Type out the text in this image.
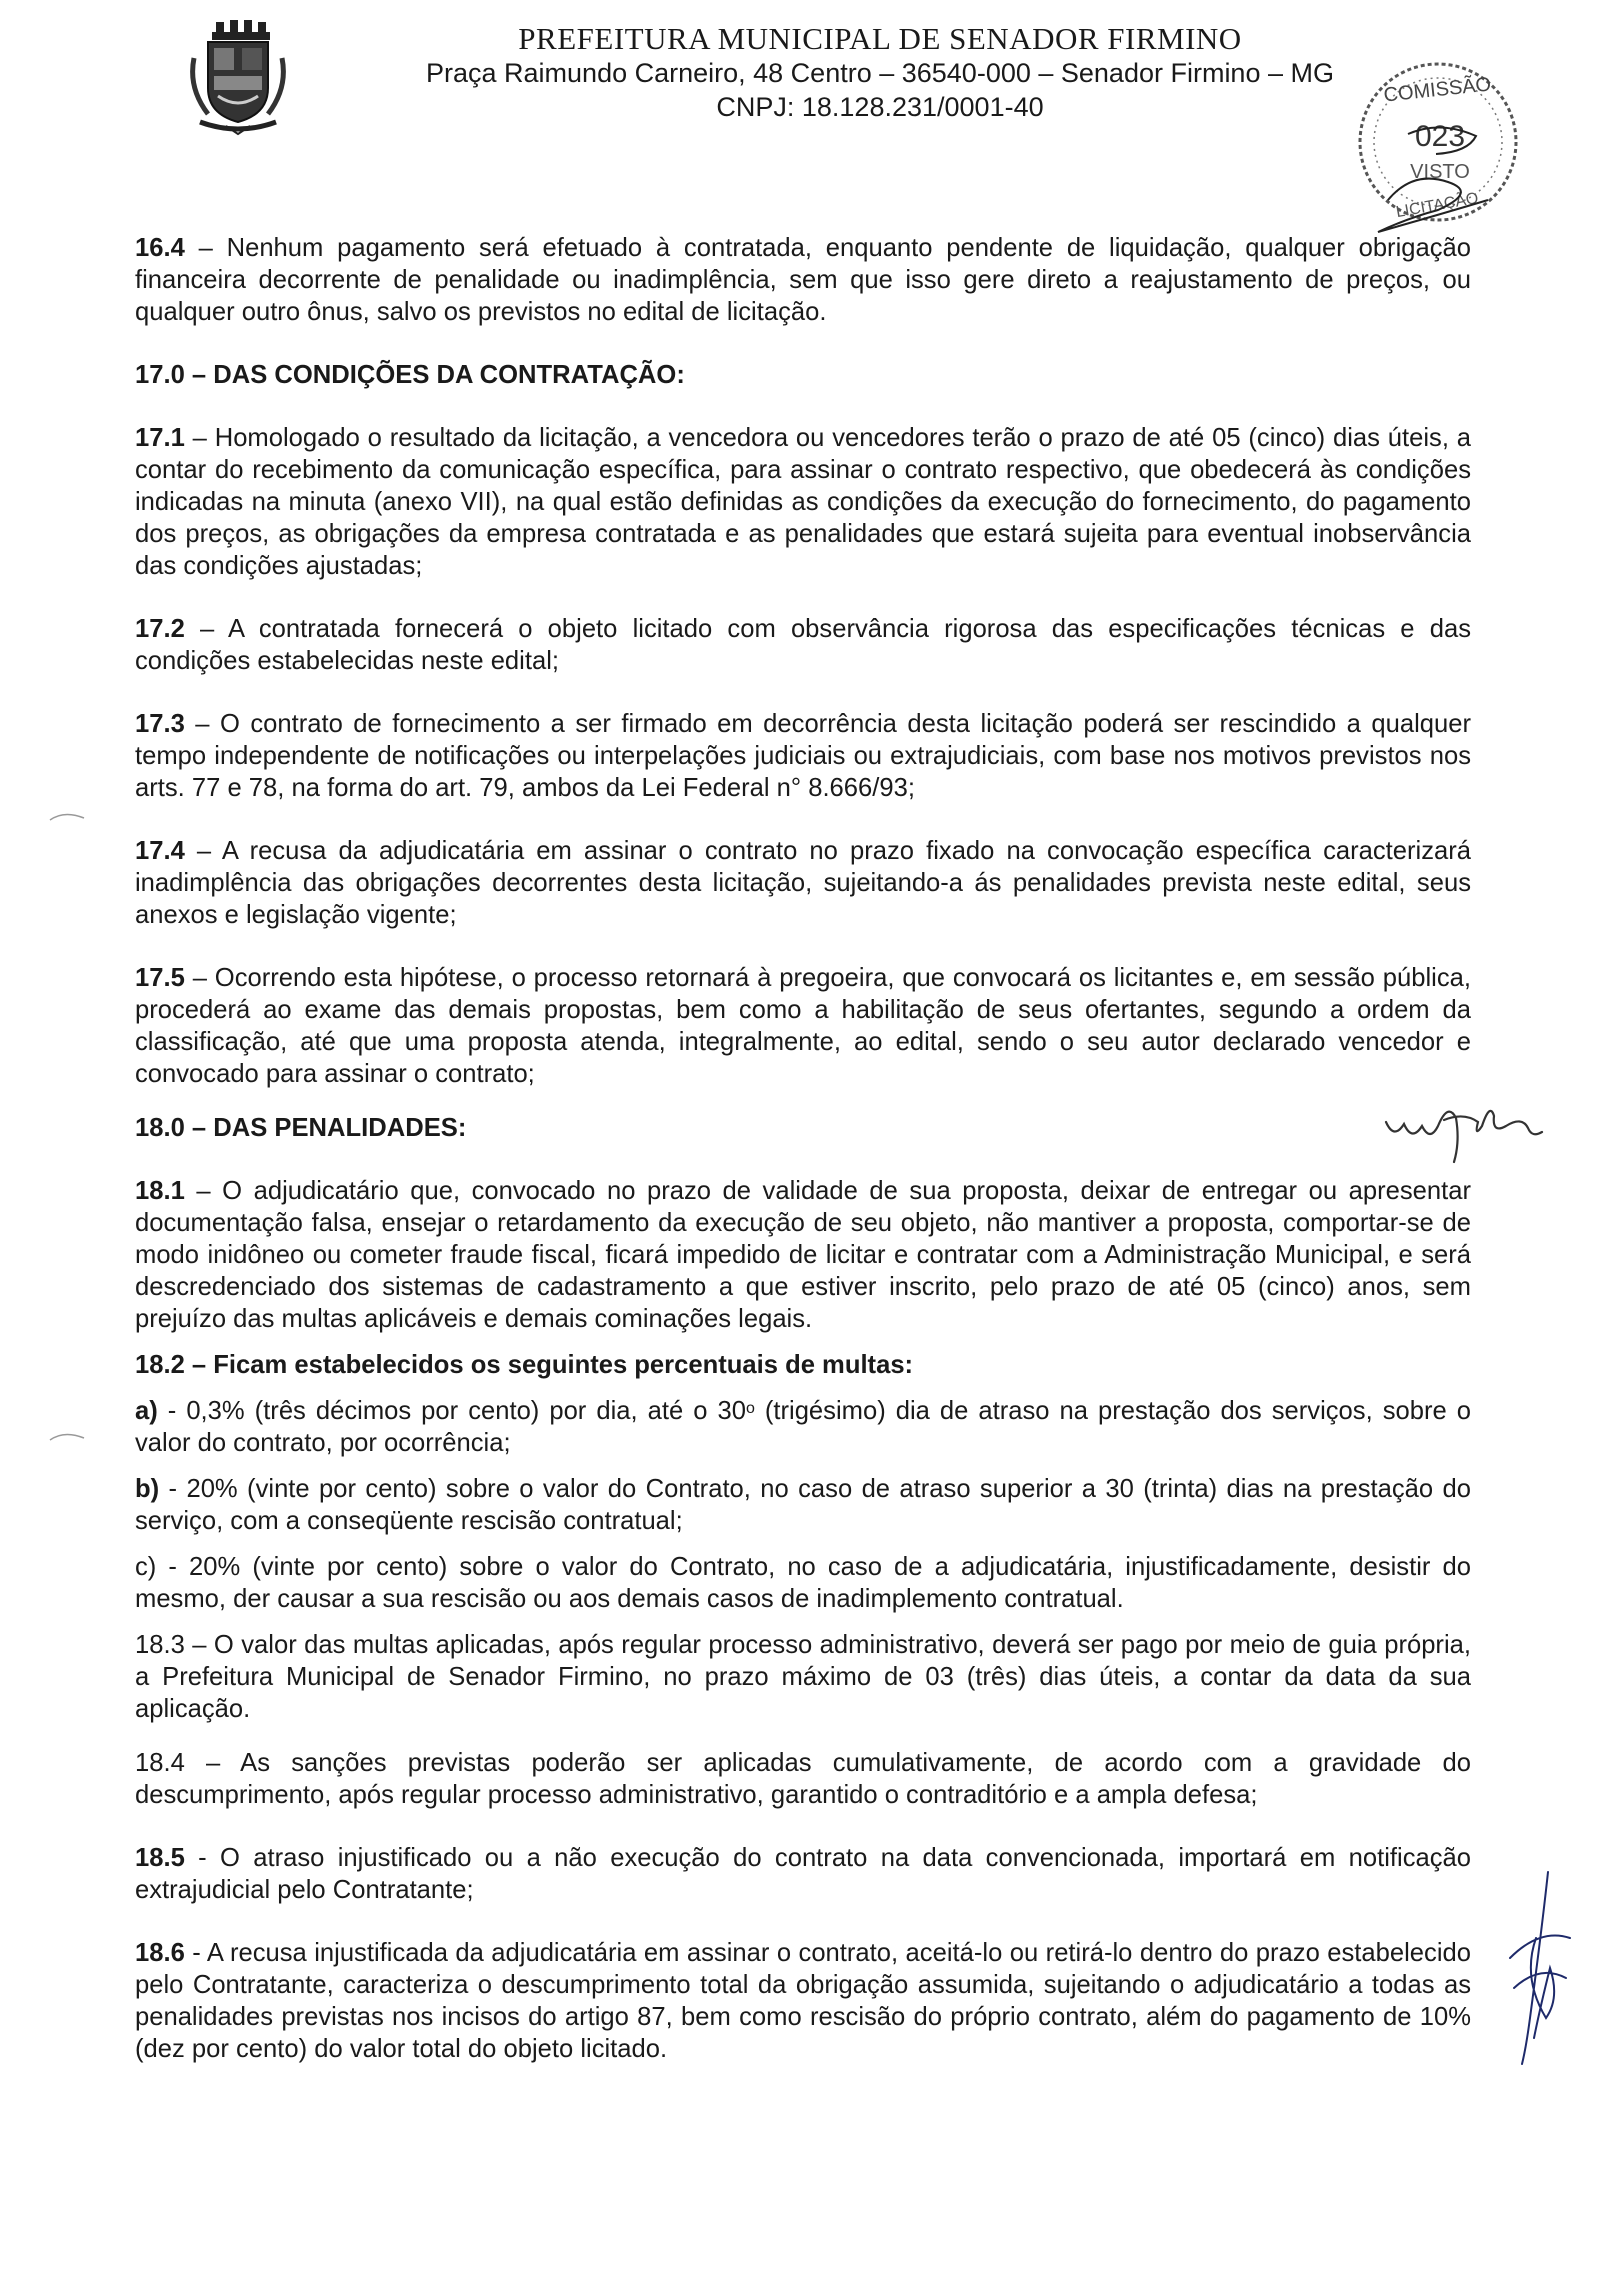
PREFEITURA MUNICIPAL DE SENADOR FIRMINO
Praça Raimundo Carneiro, 48 Centro – 36540-000 – Senador Firmino – MG
CNPJ: 18.128.231/0001-40
COMISSÃO
023
VISTO
LICITAÇÃO

16.4 – Nenhum pagamento será efetuado à contratada, enquanto pendente de liquidação, qualquer obrigação financeira decorrente de penalidade ou inadimplência, sem que isso gere direto a reajustamento de preços, ou qualquer outro ônus, salvo os previstos no edital de licitação.

17.0 – DAS CONDIÇÕES DA CONTRATAÇÃO:

17.1 – Homologado o resultado da licitação, a vencedora ou vencedores terão o prazo de até 05 (cinco) dias úteis, a contar do recebimento da comunicação específica, para assinar o contrato respectivo, que obedecerá às condições indicadas na minuta (anexo VII), na qual estão definidas as condições da execução do fornecimento, do pagamento dos preços, as obrigações da empresa contratada e as penalidades que estará sujeita para eventual inobservância das condições ajustadas;

17.2 – A contratada fornecerá o objeto licitado com observância rigorosa das especificações técnicas e das condições estabelecidas neste edital;

17.3 – O contrato de fornecimento a ser firmado em decorrência desta licitação poderá ser rescindido a qualquer tempo independente de notificações ou interpelações judiciais ou extrajudiciais, com base nos motivos previstos nos arts. 77 e 78, na forma do art. 79, ambos da Lei Federal n° 8.666/93;

17.4 – A recusa da adjudicatária em assinar o contrato no prazo fixado na convocação específica caracterizará inadimplência das obrigações decorrentes desta licitação, sujeitando-a ás penalidades prevista neste edital, seus anexos e legislação vigente;

17.5 – Ocorrendo esta hipótese, o processo retornará à pregoeira, que convocará os licitantes e, em sessão pública, procederá ao exame das demais propostas, bem como a habilitação de seus ofertantes, segundo a ordem da classificação, até que uma proposta atenda, integralmente, ao edital, sendo o seu autor declarado vencedor e convocado para assinar o contrato;

18.0 – DAS PENALIDADES:

18.1 – O adjudicatário que, convocado no prazo de validade de sua proposta, deixar de entregar ou apresentar documentação falsa, ensejar o retardamento da execução de seu objeto, não mantiver a proposta, comportar-se de modo inidôneo ou cometer fraude fiscal, ficará impedido de licitar e contratar com a Administração Municipal, e será descredenciado dos sistemas de cadastramento a que estiver inscrito, pelo prazo de até 05 (cinco) anos, sem prejuízo das multas aplicáveis e demais cominações legais.

18.2 – Ficam estabelecidos os seguintes percentuais de multas:

a) - 0,3% (três décimos por cento) por dia, até o 30$^o$ (trigésimo) dia de atraso na prestação dos serviços, sobre o valor do contrato, por ocorrência;

b) - 20% (vinte por cento) sobre o valor do Contrato, no caso de atraso superior a 30 (trinta) dias na prestação do serviço, com a conseqüente rescisão contratual;

c) - 20% (vinte por cento) sobre o valor do Contrato, no caso de a adjudicatária, injustificadamente, desistir do mesmo, der causar a sua rescisão ou aos demais casos de inadimplemento contratual.

18.3 – O valor das multas aplicadas, após regular processo administrativo, deverá ser pago por meio de guia própria, a Prefeitura Municipal de Senador Firmino, no prazo máximo de 03 (três) dias úteis, a contar da data da sua aplicação.

18.4 – As sanções previstas poderão ser aplicadas cumulativamente, de acordo com a gravidade do descumprimento, após regular processo administrativo, garantido o contraditório e a ampla defesa;

18.5 - O atraso injustificado ou a não execução do contrato na data convencionada, importará em notificação extrajudicial pelo Contratante;

18.6 - A recusa injustificada da adjudicatária em assinar o contrato, aceitá-lo ou retirá-lo dentro do prazo estabelecido pelo Contratante, caracteriza o descumprimento total da obrigação assumida, sujeitando o adjudicatário a todas as penalidades previstas nos incisos do artigo 87, bem como rescisão do próprio contrato, além do pagamento de 10% (dez por cento) do valor total do objeto licitado.
